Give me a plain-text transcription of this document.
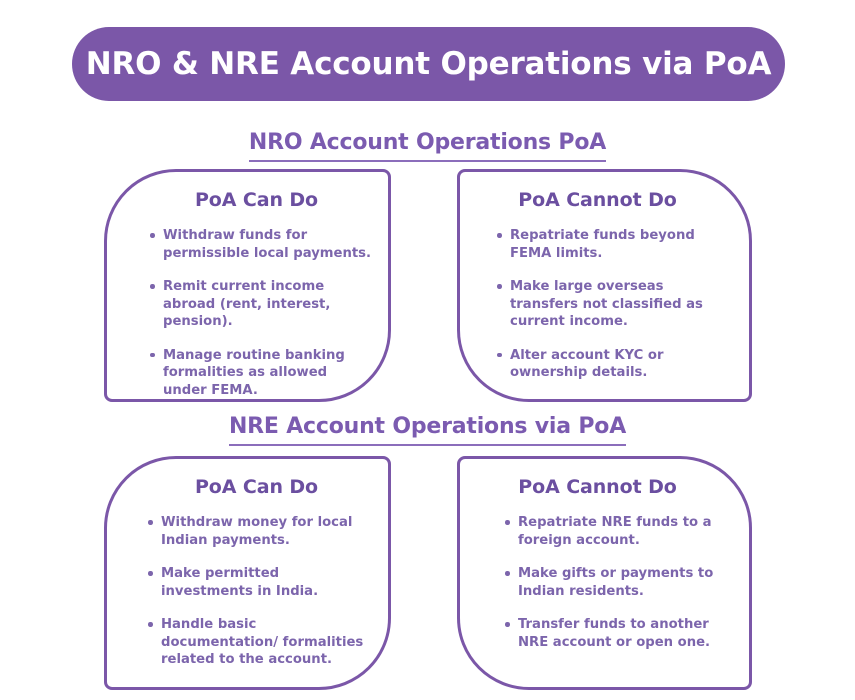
NRO & NRE Account Operations via PoA
NRO Account Operations PoA
PoA Can Do
Withdraw funds for permissible local payments.
Remit current income abroad (rent, interest, pension).
Manage routine banking formalities as allowed under FEMA.
PoA Cannot Do
Repatriate funds beyond FEMA limits.
Make large overseas transfers not classified as current income.
Alter account KYC or ownership details.
NRE Account Operations via PoA
PoA Can Do
Withdraw money for local Indian payments.
Make permitted investments in India.
Handle basic documentation/ formalities related to the account.
PoA Cannot Do
Repatriate NRE funds to a foreign account.
Make gifts or payments to Indian residents.
Transfer funds to another NRE account or open one.
